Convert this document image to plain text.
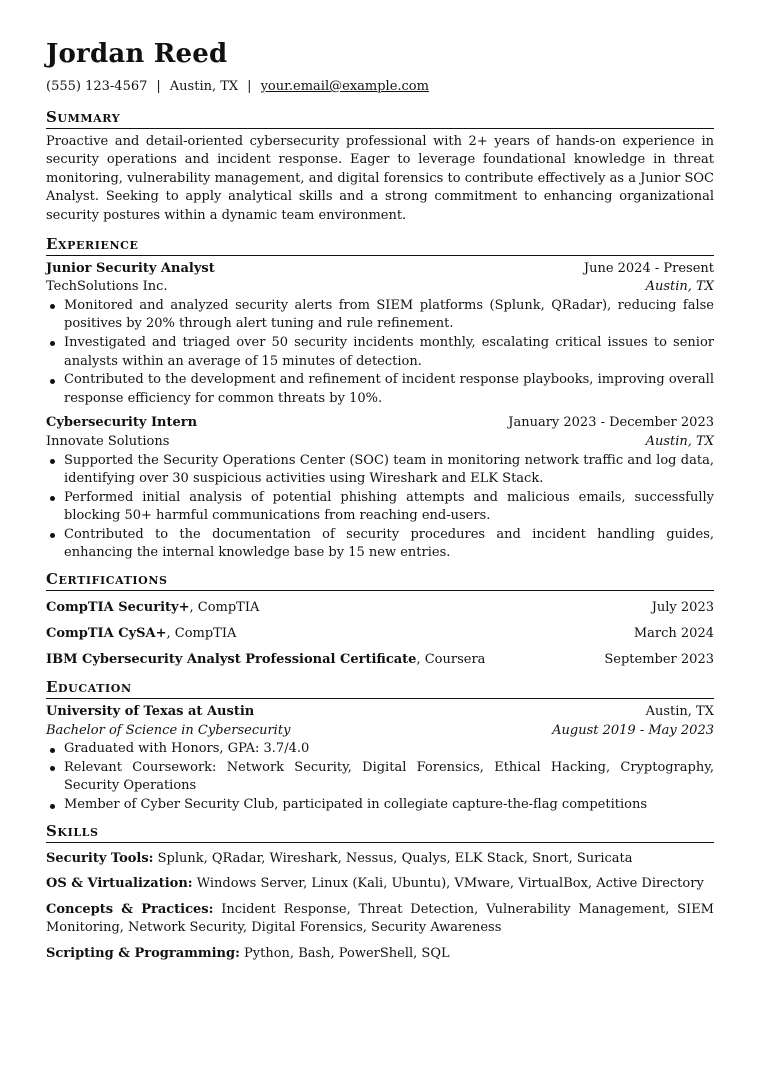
Jordan Reed
(555) 123-4567 | Austin, TX | your.email@example.com
Summary
Proactive and detail-oriented cybersecurity professional with 2+ years of hands-on experience in security operations and incident response. Eager to leverage foundational knowledge in threat monitoring, vulnerability management, and digital forensics to contribute effectively as a Junior SOC Analyst. Seeking to apply analytical skills and a strong commitment to enhancing organizational security postures within a dynamic team environment.
Experience
Junior Security Analyst	June 2024 - Present
TechSolutions Inc.	Austin, TX
Monitored and analyzed security alerts from SIEM platforms (Splunk, QRadar), reducing false positives by 20% through alert tuning and rule refinement.
Investigated and triaged over 50 security incidents monthly, escalating critical issues to senior analysts within an average of 15 minutes of detection.
Contributed to the development and refinement of incident response playbooks, improving overall response efficiency for common threats by 10%.
Cybersecurity Intern	January 2023 - December 2023
Innovate Solutions	Austin, TX
Supported the Security Operations Center (SOC) team in monitoring network traffic and log data, identifying over 30 suspicious activities using Wireshark and ELK Stack.
Performed initial analysis of potential phishing attempts and malicious emails, successfully blocking 50+ harmful communications from reaching end-users.
Contributed to the documentation of security procedures and incident handling guides, enhancing the internal knowledge base by 15 new entries.
Certifications
CompTIA Security+, CompTIA	July 2023
CompTIA CySA+, CompTIA	March 2024
IBM Cybersecurity Analyst Professional Certificate, Coursera	September 2023
Education
University of Texas at Austin	Austin, TX
Bachelor of Science in Cybersecurity	August 2019 - May 2023
Graduated with Honors, GPA: 3.7/4.0
Relevant Coursework: Network Security, Digital Forensics, Ethical Hacking, Cryptography, Security Operations
Member of Cyber Security Club, participated in collegiate capture-the-flag competitions
Skills
Security Tools: Splunk, QRadar, Wireshark, Nessus, Qualys, ELK Stack, Snort, Suricata
OS & Virtualization: Windows Server, Linux (Kali, Ubuntu), VMware, VirtualBox, Active Directory
Concepts & Practices: Incident Response, Threat Detection, Vulnerability Management, SIEM Monitoring, Network Security, Digital Forensics, Security Awareness
Scripting & Programming: Python, Bash, PowerShell, SQL
